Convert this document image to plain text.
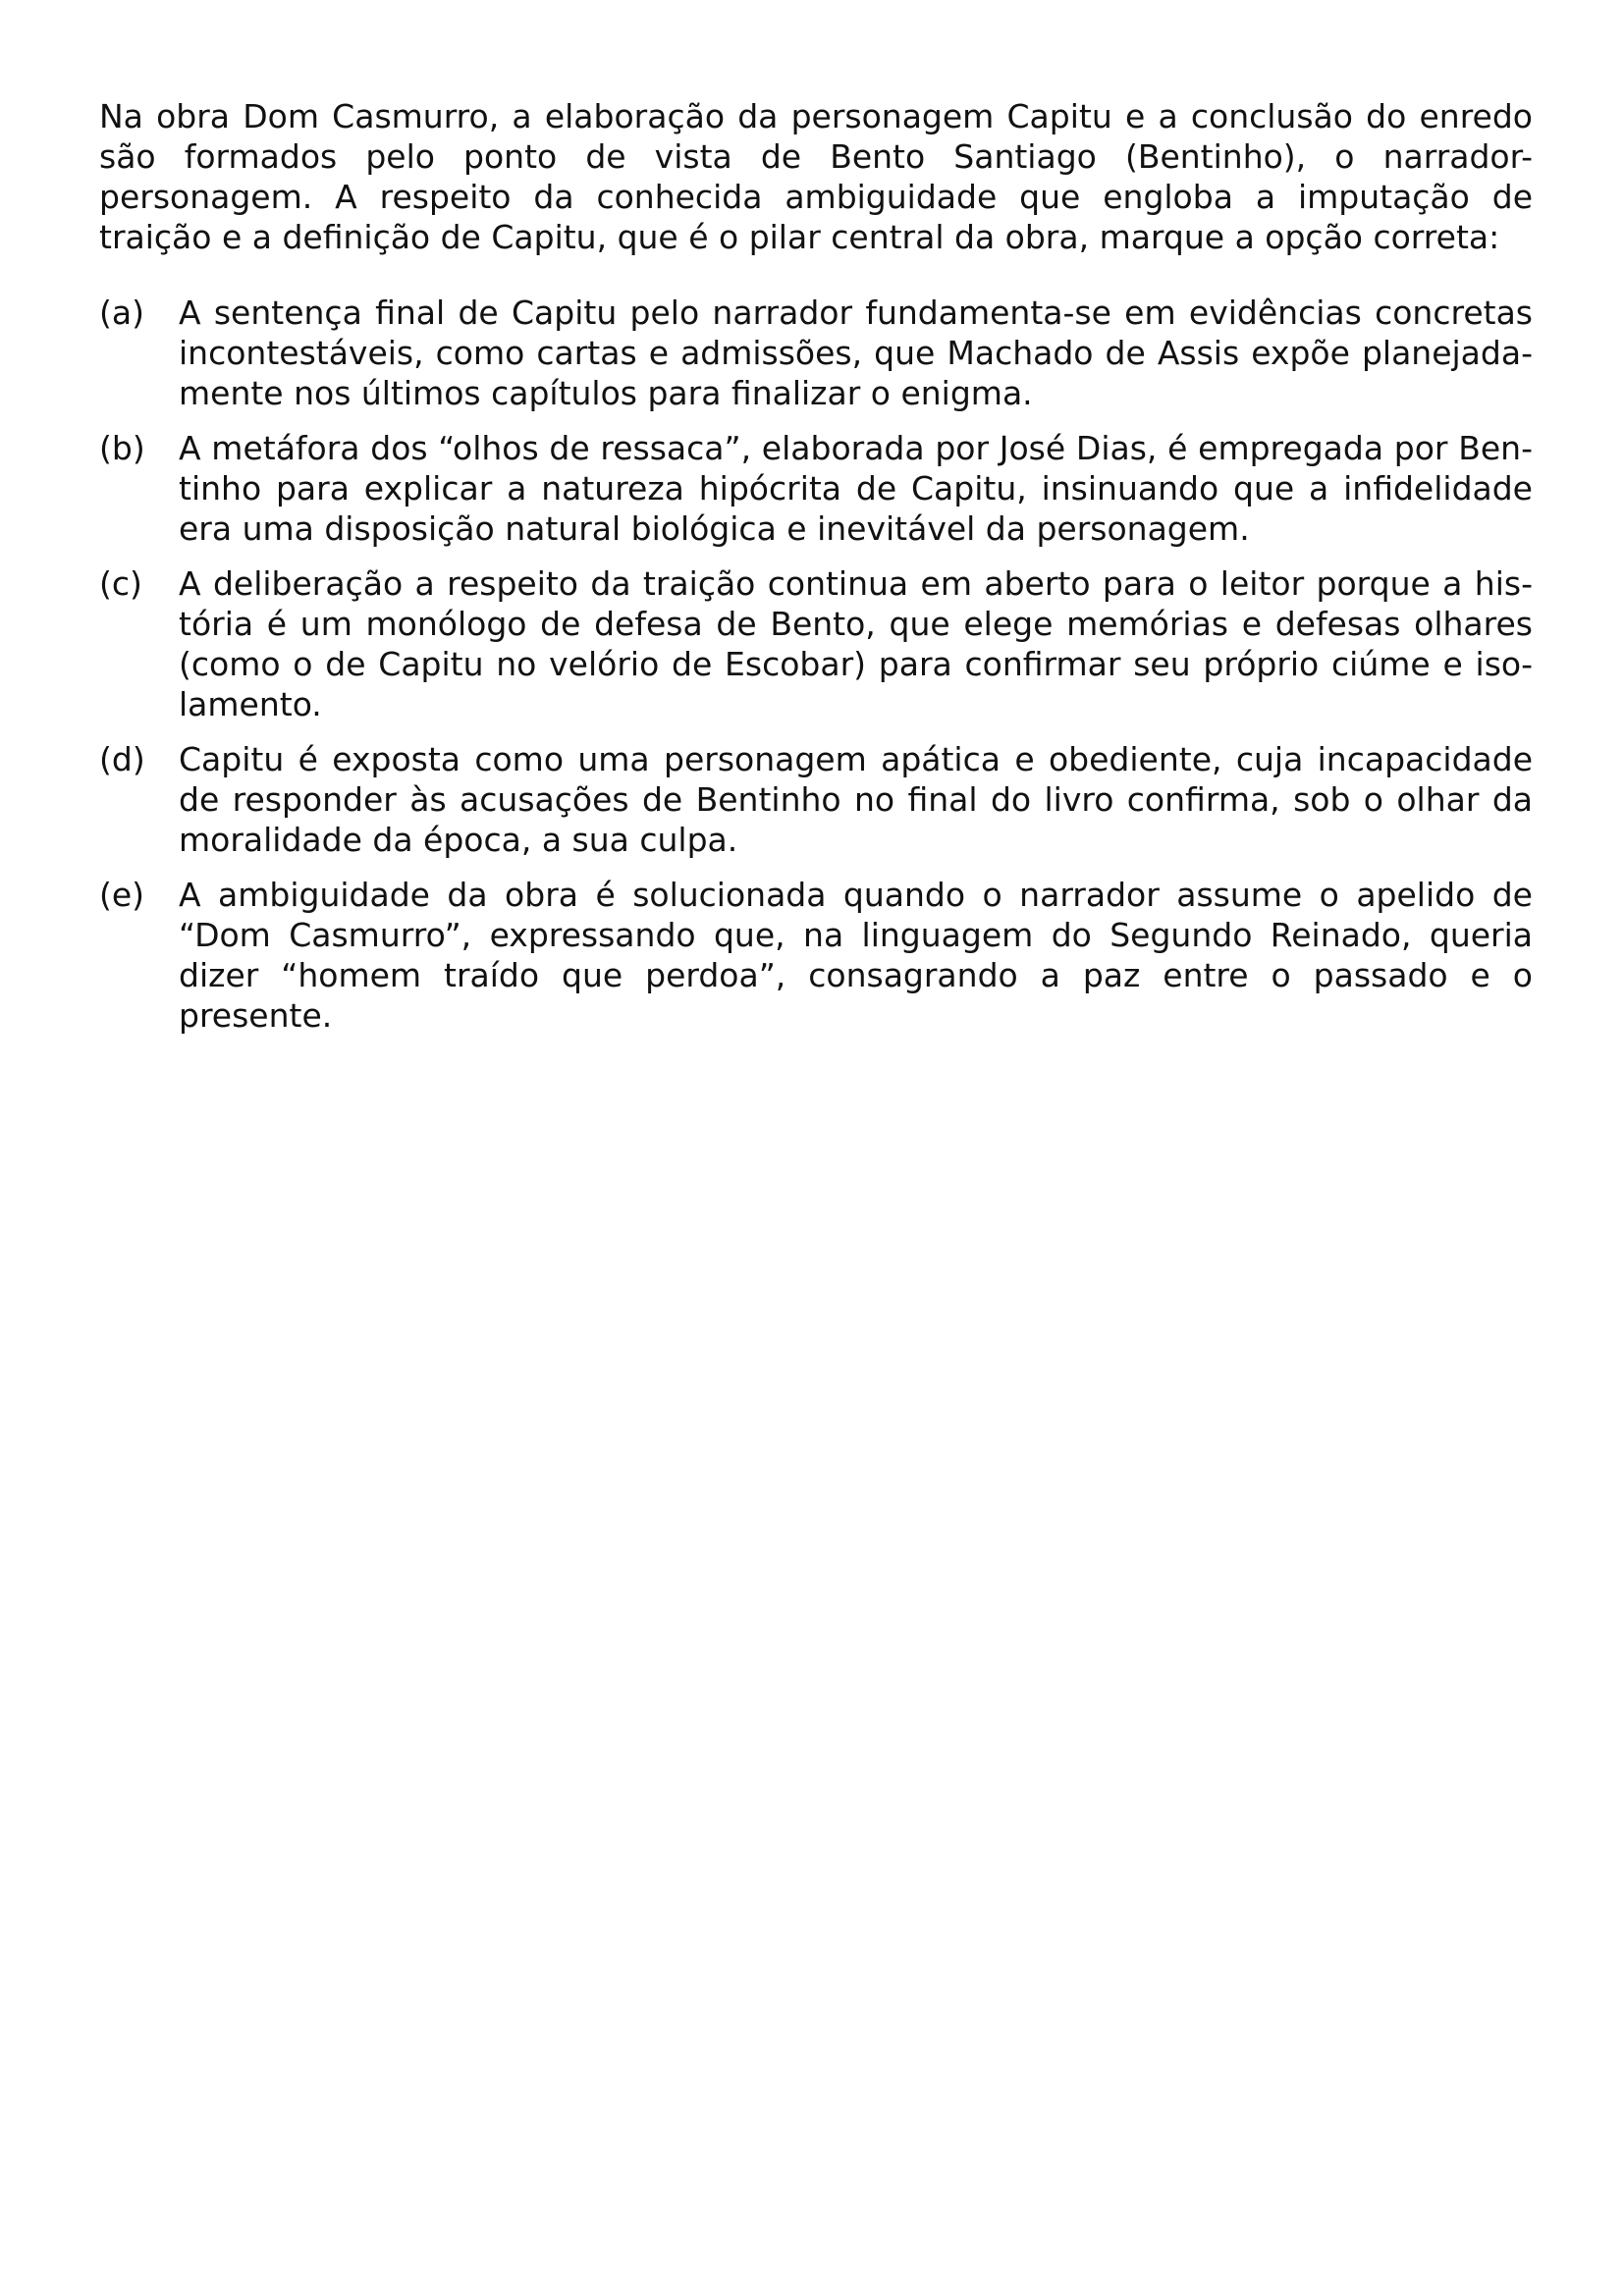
Na obra Dom Casmurro, a elaboração da personagem Capitu e a conclusão do enredo são formados pelo ponto de vista de Bento Santiago (Bentinho), o narrador-personagem. A respeito da conhecida ambiguidade que engloba a imputação de traição e a definição de Capitu, que é o pilar central da obra, marque a opção correta:

(a)	A sentença final de Capitu pelo narrador fundamenta-se em evidências concretas incontestáveis, como cartas e admissões, que Machado de Assis expõe planejadamente nos últimos capítulos para finalizar o enigma.
(b)	A metáfora dos “olhos de ressaca”, elaborada por José Dias, é empregada por Bentinho para explicar a natureza hipócrita de Capitu, insinuando que a infidelidade era uma disposição natural biológica e inevitável da personagem.
(c)	A deliberação a respeito da traição continua em aberto para o leitor porque a história é um monólogo de defesa de Bento, que elege memórias e defesas olhares (como o de Capitu no velório de Escobar) para confirmar seu próprio ciúme e isolamento.
(d)	Capitu é exposta como uma personagem apática e obediente, cuja incapacidade de responder às acusações de Bentinho no final do livro confirma, sob o olhar da moralidade da época, a sua culpa.
(e)	A ambiguidade da obra é solucionada quando o narrador assume o apelido de “Dom Casmurro”, expressando que, na linguagem do Segundo Reinado, queria dizer “homem traído que perdoa”, consagrando a paz entre o passado e o presente.
